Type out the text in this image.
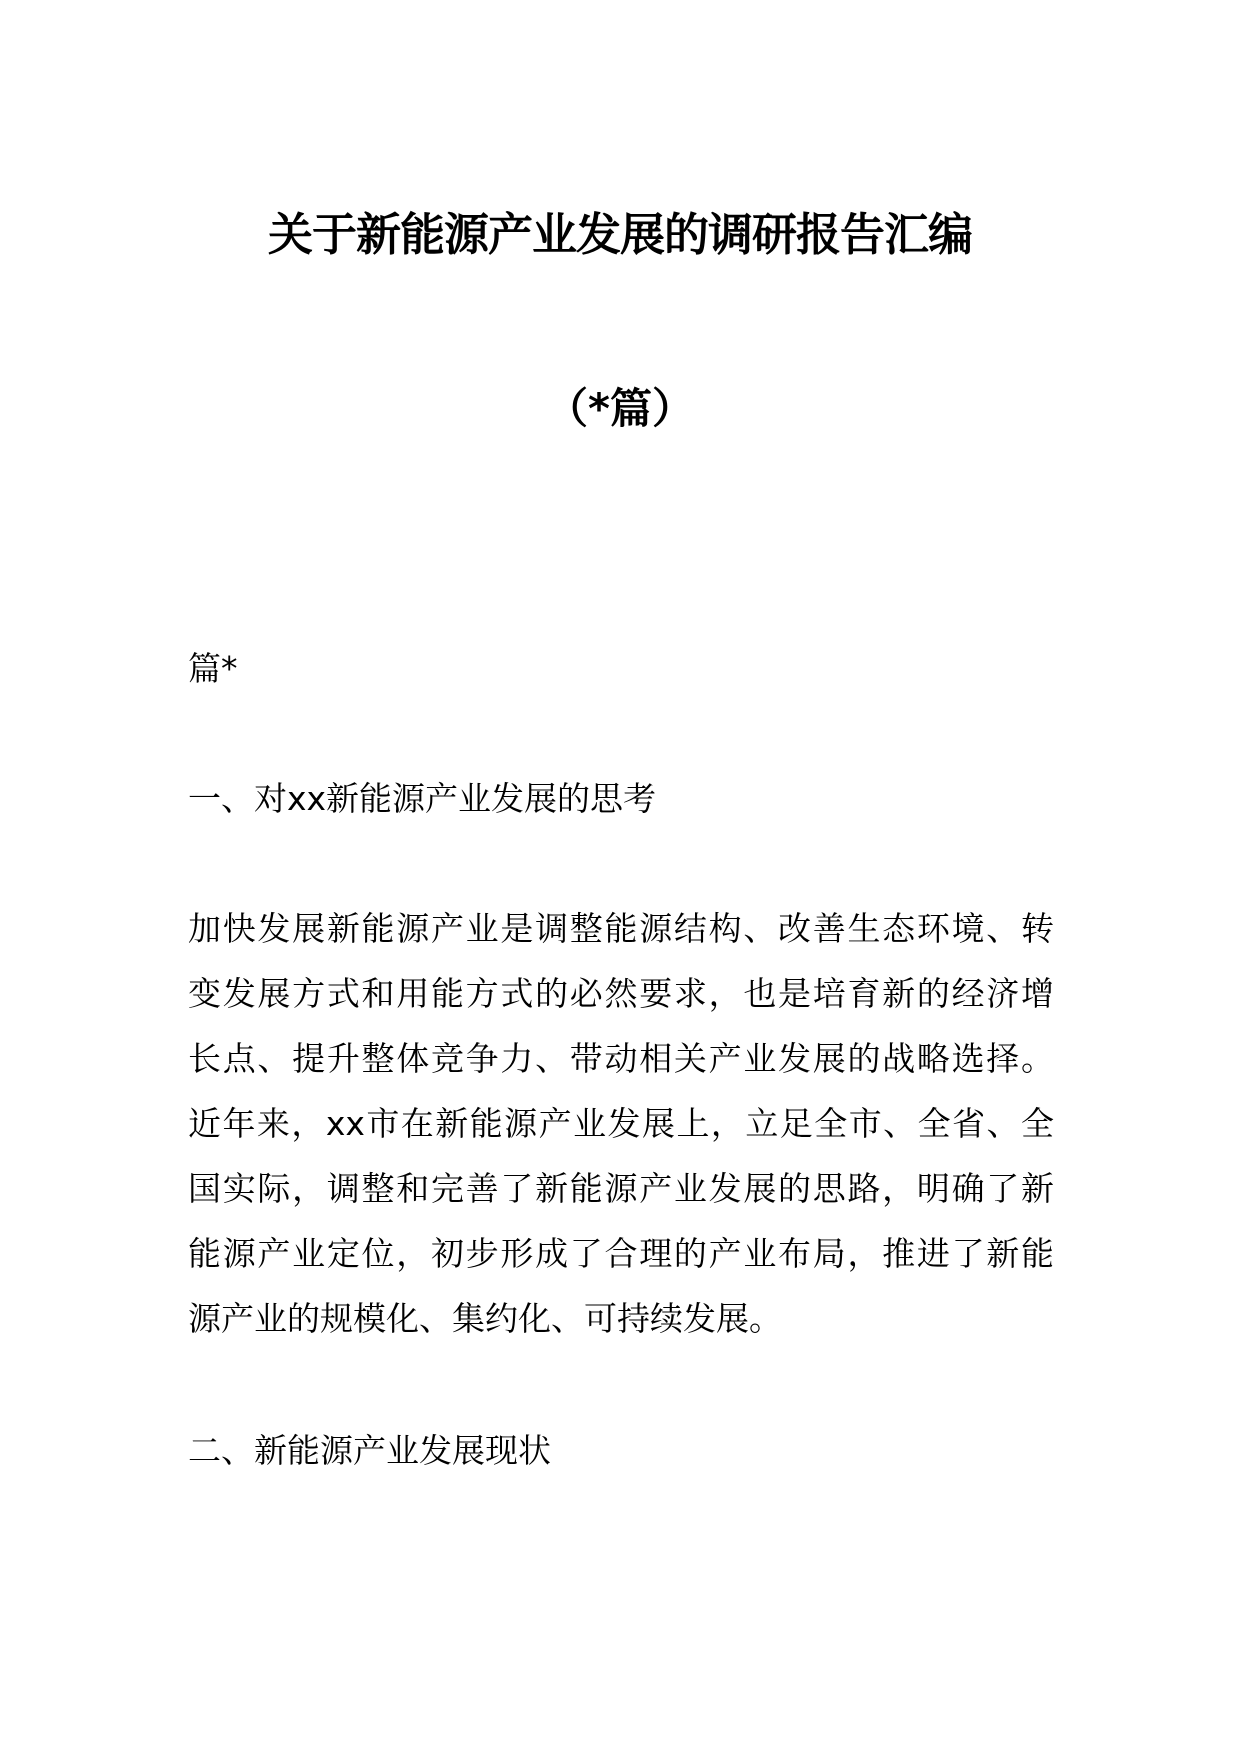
关于新能源产业发展的调研报告汇编
（*篇）
篇*
一、对xx新能源产业发展的思考
加快发展新能源产业是调整能源结构、改善生态环境、转
变发展方式和用能方式的必然要求，也是培育新的经济增
长点、提升整体竞争力、带动相关产业发展的战略选择。
近年来，xx市在新能源产业发展上，立足全市、全省、全
国实际，调整和完善了新能源产业发展的思路，明确了新
能源产业定位，初步形成了合理的产业布局，推进了新能
源产业的规模化、集约化、可持续发展。
二、新能源产业发展现状
